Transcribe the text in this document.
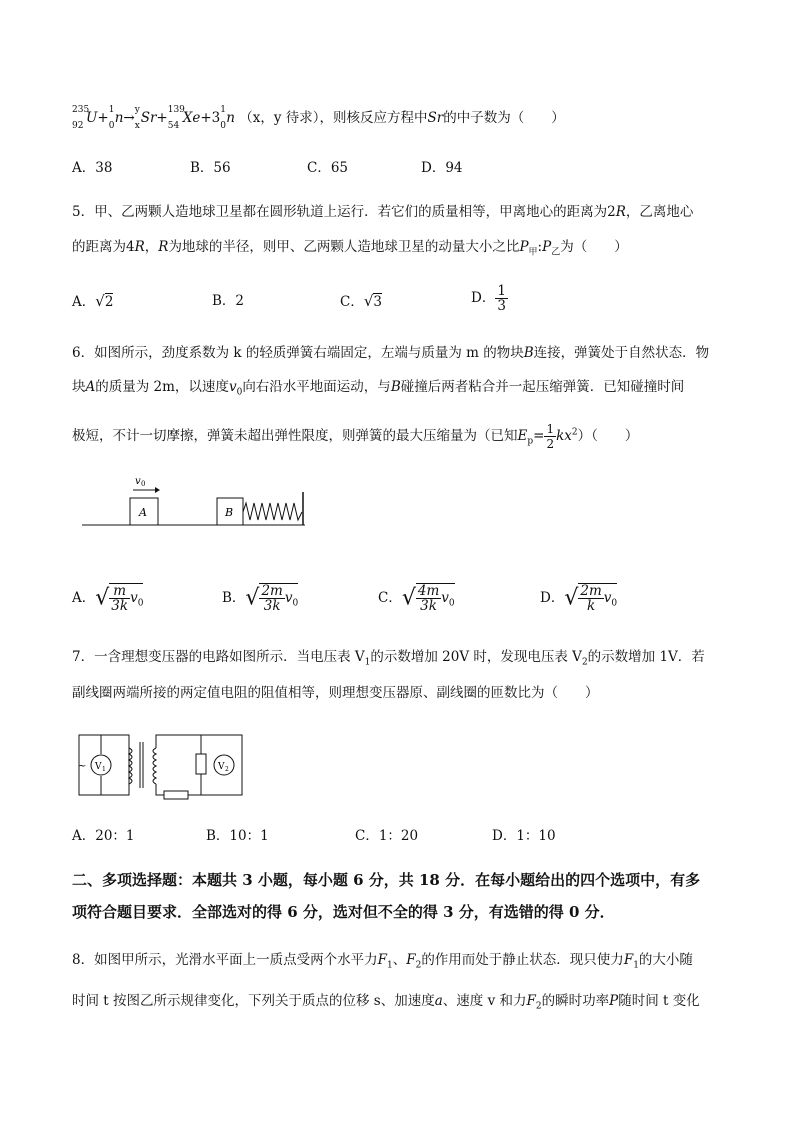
235
92 U+ 1
0 n→ y
x Sr+ 139
54 Xe+3 1
0 n （x，y 待求），则核反应方程中Sr的中子数为（　　）
A．38	B．56	C．65	D．94
5．甲、乙两颗人造地球卫星都在圆形轨道上运行．若它们的质量相等，甲离地心的距离为2R，乙离地心
的距离为4R，R为地球的半径，则甲、乙两颗人造地球卫星的动量大小之比$P_甲:P_乙$为（　　）
A．√2	B．2	C．√3	D． $\frac{1}{3}$
6．如图所示，劲度系数为 k 的轻质弹簧右端固定，左端与质量为 m 的物块B连接，弹簧处于自然状态．物
块A的质量为 2m，以速度$v_0$向右沿水平地面运动，与B碰撞后两者粘合并一起压缩弹簧．已知碰撞时间
极短，不计一切摩擦，弹簧未超出弹性限度，则弹簧的最大压缩量为（已知$E_p= \frac{1}{2} kx^2$）（　　）
A	B
v 0
A．√ $\frac{m}{3k} v_0$	B．√ $\frac{2m}{3k} v_0$	C．√ $\frac{4m}{3k} v_0$	D．√ $\frac{2m}{k} v_0$
7．一含理想变压器的电路如图所示．当电压表 $V_1$的示数增加 20V 时，发现电压表 $V_2$的示数增加 1V．若
副线圈两端所接的两定值电阻的阻值相等，则理想变压器原、副线圈的匝数比为（　　）
~ V 1	V 2
A．20：1	B．10：1	C．1：20	D．1：10
二、多项选择题：本题共 3 小题，每小题 6 分，共 18 分．在每小题给出的四个选项中，有多
项符合题目要求．全部选对的得 6 分，选对但不全的得 3 分，有选错的得 0 分．
8．如图甲所示，光滑水平面上一质点受两个水平力$F_1$、$F_2$的作用而处于静止状态．现只使力$F_1$的大小随
时间 t 按图乙所示规律变化，下列关于质点的位移 s、加速度a、速度 v 和力$F_2$的瞬时功率P随时间 t 变化
